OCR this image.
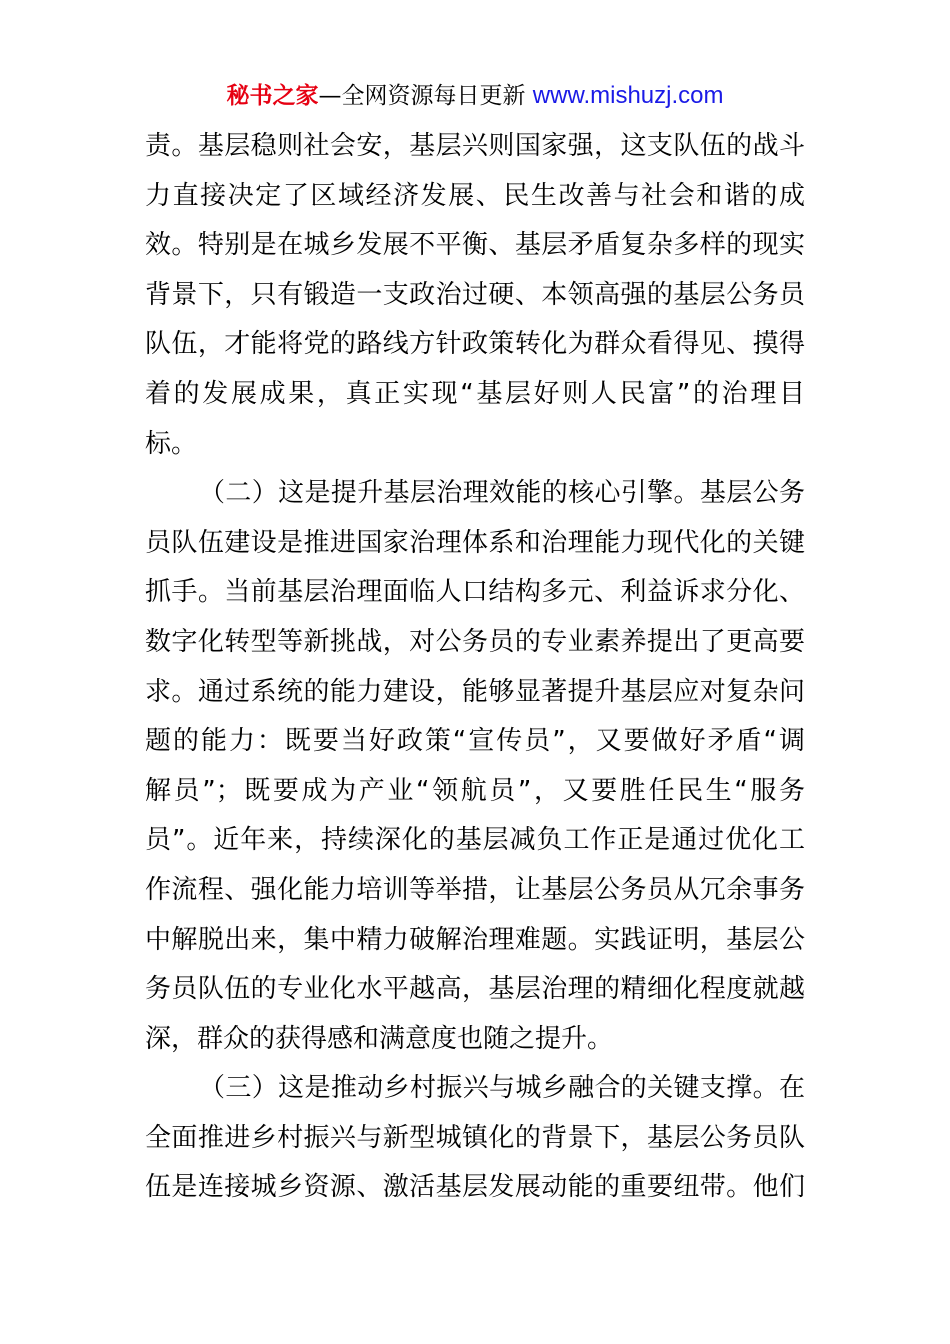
秘书之家—全网资源每日更新 www.mishuzj.com
责。基层稳则社会安，基层兴则国家强，这支队伍的战斗
力直接决定了区域经济发展、民生改善与社会和谐的成
效。特别是在城乡发展不平衡、基层矛盾复杂多样的现实
背景下，只有锻造一支政治过硬、本领高强的基层公务员
队伍，才能将党的路线方针政策转化为群众看得见、摸得
着的发展成果，真正实现“基层好则人民富”的治理目
标。
（二）这是提升基层治理效能的核心引擎。基层公务
员队伍建设是推进国家治理体系和治理能力现代化的关键
抓手。当前基层治理面临人口结构多元、利益诉求分化、
数字化转型等新挑战，对公务员的专业素养提出了更高要
求。通过系统的能力建设，能够显著提升基层应对复杂问
题的能力：既要当好政策“宣传员”，又要做好矛盾“调
解员”；既要成为产业“领航员”，又要胜任民生“服务
员”。近年来，持续深化的基层减负工作正是通过优化工
作流程、强化能力培训等举措，让基层公务员从冗余事务
中解脱出来，集中精力破解治理难题。实践证明，基层公
务员队伍的专业化水平越高，基层治理的精细化程度就越
深，群众的获得感和满意度也随之提升。
（三）这是推动乡村振兴与城乡融合的关键支撑。在
全面推进乡村振兴与新型城镇化的背景下，基层公务员队
伍是连接城乡资源、激活基层发展动能的重要纽带。他们
